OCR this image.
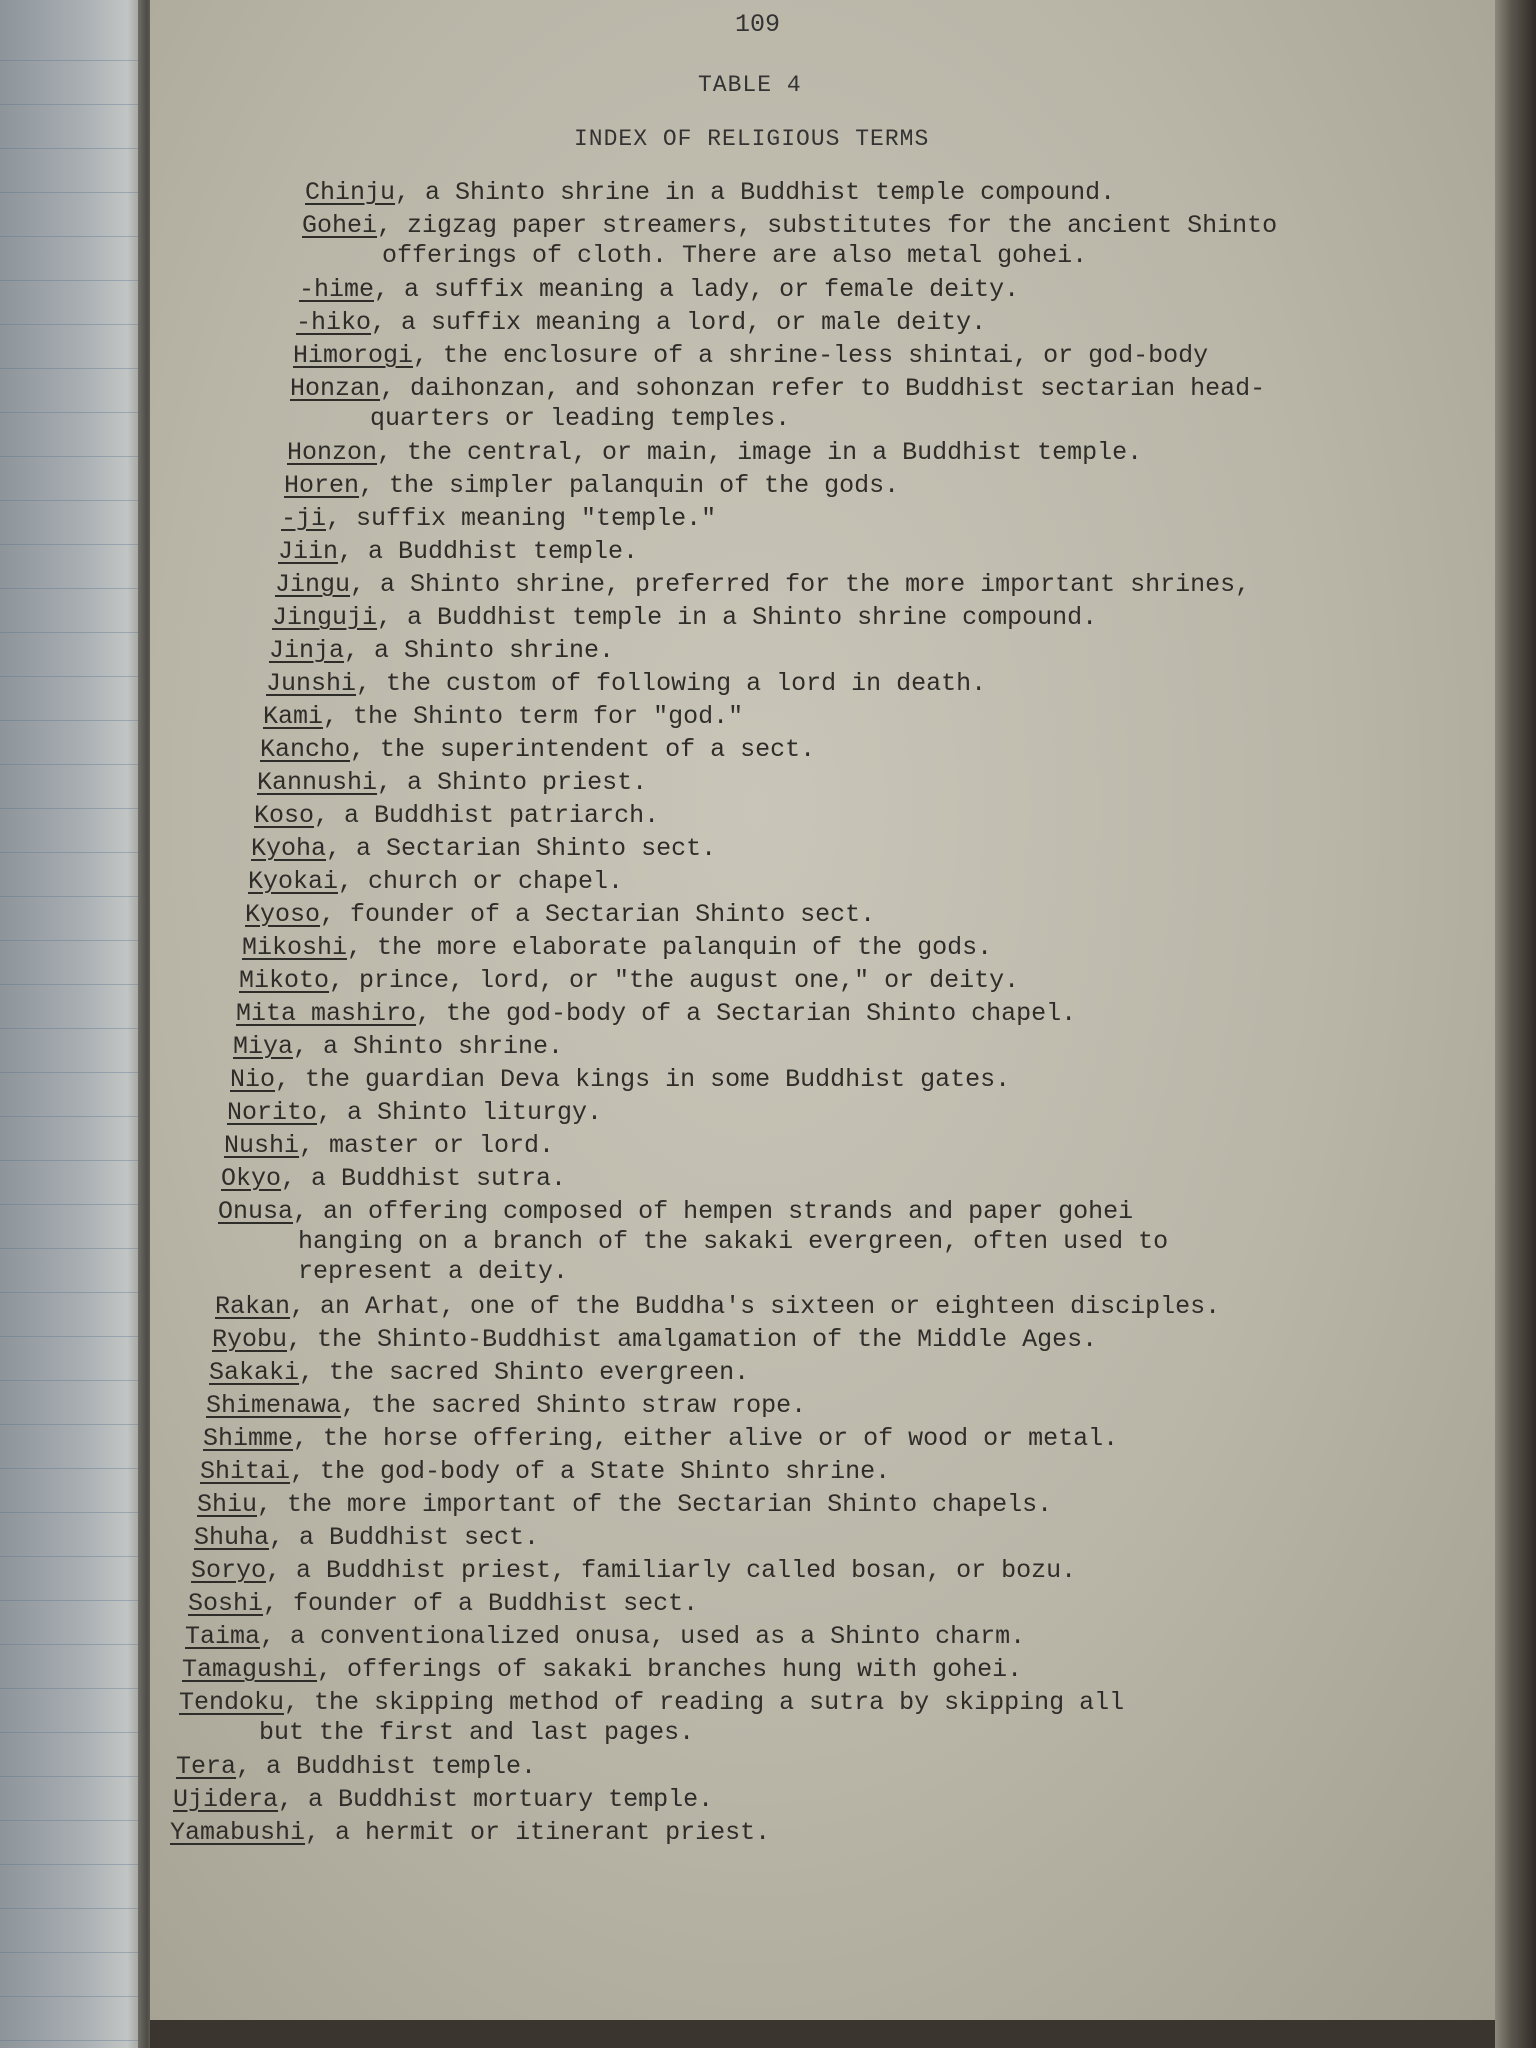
109
TABLE 4
INDEX OF RELIGIOUS TERMS
Chinju, a Shinto shrine in a Buddhist temple compound.
Gohei, zigzag paper streamers, substitutes for the ancient Shinto
offerings of cloth. There are also metal gohei.
-hime, a suffix meaning a lady, or female deity.
-hiko, a suffix meaning a lord, or male deity.
Himorogi, the enclosure of a shrine-less shintai, or god-body
Honzan, daihonzan, and sohonzan refer to Buddhist sectarian head-
quarters or leading temples.
Honzon, the central, or main, image in a Buddhist temple.
Horen, the simpler palanquin of the gods.
-ji, suffix meaning "temple."
Jiin, a Buddhist temple.
Jingu, a Shinto shrine, preferred for the more important shrines,
Jinguji, a Buddhist temple in a Shinto shrine compound.
Jinja, a Shinto shrine.
Junshi, the custom of following a lord in death.
Kami, the Shinto term for "god."
Kancho, the superintendent of a sect.
Kannushi, a Shinto priest.
Koso, a Buddhist patriarch.
Kyoha, a Sectarian Shinto sect.
Kyokai, church or chapel.
Kyoso, founder of a Sectarian Shinto sect.
Mikoshi, the more elaborate palanquin of the gods.
Mikoto, prince, lord, or "the august one," or deity.
Mita mashiro, the god-body of a Sectarian Shinto chapel.
Miya, a Shinto shrine.
Nio, the guardian Deva kings in some Buddhist gates.
Norito, a Shinto liturgy.
Nushi, master or lord.
Okyo, a Buddhist sutra.
Onusa, an offering composed of hempen strands and paper gohei
hanging on a branch of the sakaki evergreen, often used to
represent a deity.
Rakan, an Arhat, one of the Buddha's sixteen or eighteen disciples.
Ryobu, the Shinto-Buddhist amalgamation of the Middle Ages.
Sakaki, the sacred Shinto evergreen.
Shimenawa, the sacred Shinto straw rope.
Shimme, the horse offering, either alive or of wood or metal.
Shitai, the god-body of a State Shinto shrine.
Shiu, the more important of the Sectarian Shinto chapels.
Shuha, a Buddhist sect.
Soryo, a Buddhist priest, familiarly called bosan, or bozu.
Soshi, founder of a Buddhist sect.
Taima, a conventionalized onusa, used as a Shinto charm.
Tamagushi, offerings of sakaki branches hung with gohei.
Tendoku, the skipping method of reading a sutra by skipping all
but the first and last pages.
Tera, a Buddhist temple.
Ujidera, a Buddhist mortuary temple.
Yamabushi, a hermit or itinerant priest.
